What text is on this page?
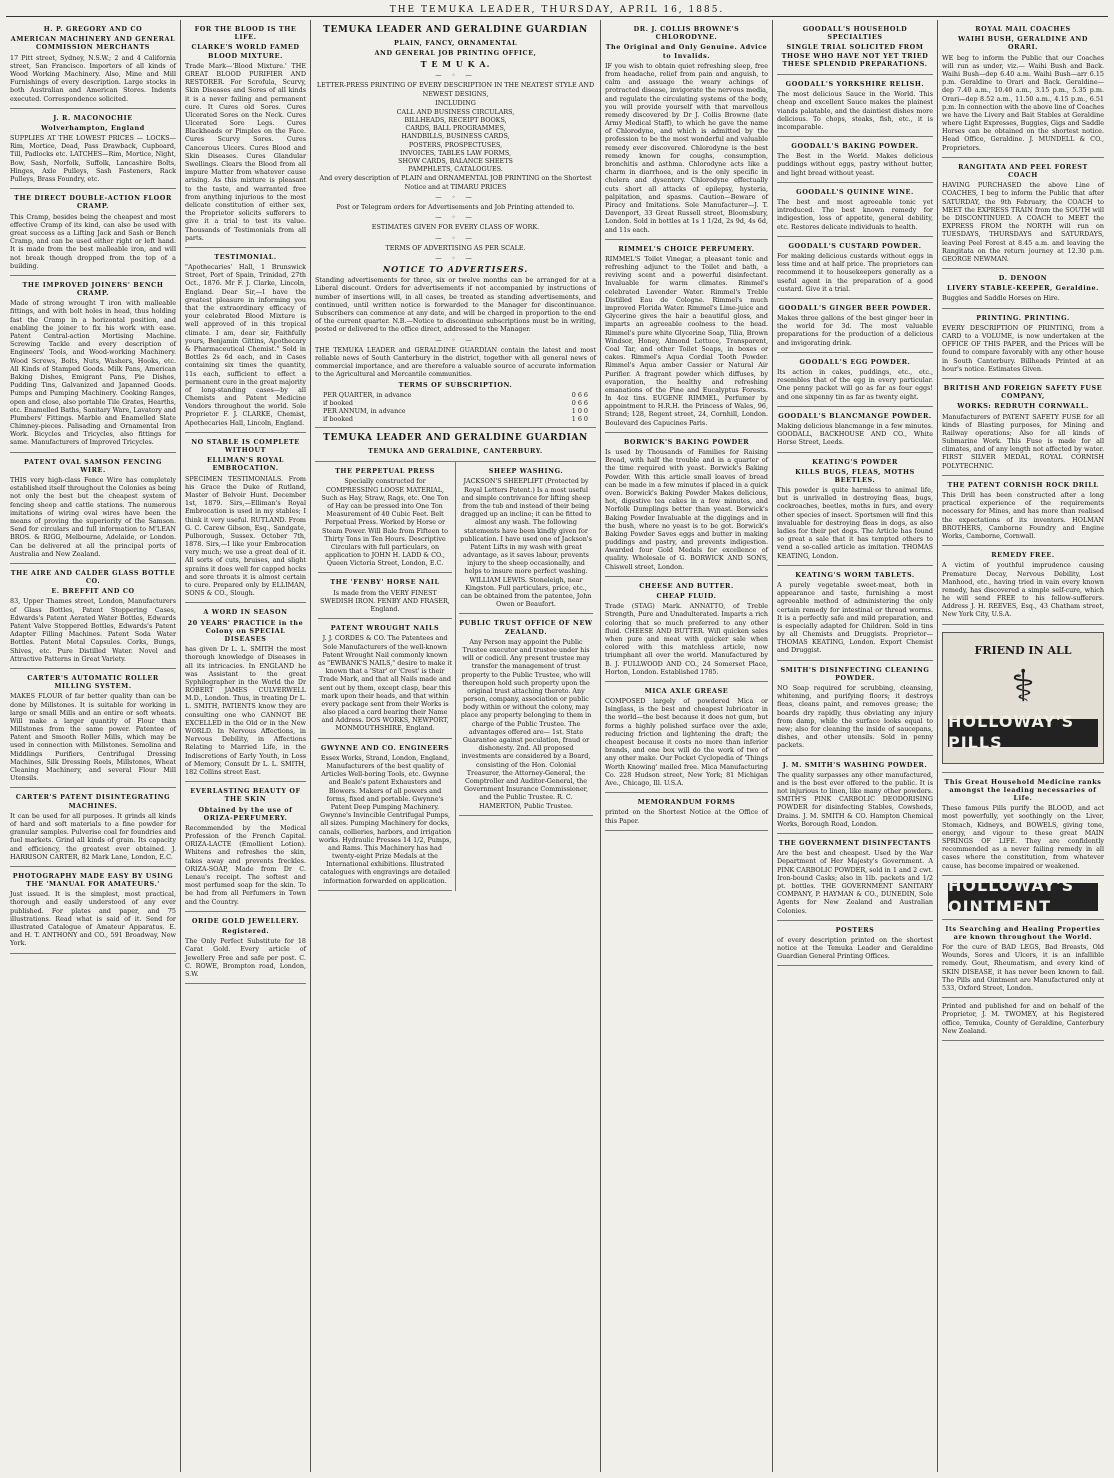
THE TEMUKA LEADER, THURSDAY, APRIL 16, 1885.
H. P. GREGORY AND CO
AMERICAN MACHINERY AND GENERAL COMMISSION MERCHANTS

17 Pitt street, Sydney, N.S.W.; 2 and 4 California street, San Francisco. Importers of all kinds of Wood Working Machinery. Also, Mine and Mill Furnishings of every description. Large stocks in both Australian and American Stores. Indents executed. Correspondence solicited.

J. R. MACONOCHIE
Wolverhampton, England

SUPPLIES AT THE LOWEST PRICES — LOCKS—Rim, Mortice, Dead, Pass Drawback, Cupboard, Till, Padlocks etc. LATCHES—Rim, Mortice, Night, Bow, Sash, Norfolk, Suffolk, Lancashire Bolts, Hinges, Axle Pulleys, Sash Fasteners, Rack Pulleys, Brass Foundry, etc.

THE DIRECT DOUBLE-ACTION FLOOR CRAMP.

This Cramp, besides being the cheapest and most effective Cramp of its kind, can also be used with great success as a Lifting Jack and Sash or Bench Cramp, and can be used either right or left hand. It is made from the best malleable iron, and will not break though dropped from the top of a building.

THE IMPROVED JOINERS' BENCH CRAMP.

Made of strong wrought T iron with malleable fittings, and with bolt holes in head, thus holding fast the Cramp in a horizontal position, and enabling the joiner to fix his work with ease. Patent Central-action Mortising Machine. Screwing Tackle and every description of Engineers' Tools, and Wood-working Machinery. Wood Screws, Bolts, Nuts, Washers, Hooks, etc. All Kinds of Stamped Goods. Milk Pans, American Baking Dishes, Emigrant Pans, Pie Dishes, Pudding Tins, Galvanized and Japanned Goods. Pumps and Pumping Machinery. Cooking Ranges, open and close, also portable Tile Grates, Hearths, etc. Enamelled Baths, Sanitary Ware, Lavatory and Plumbers' Fittings. Marble and Enamelled Slate Chimney-pieces. Palisading and Ornamental Iron Work. Bicycles and Tricycles, also fittings for same. Manufacturers of Improved Tricycles.

PATENT OVAL SAMSON FENCING WIRE.

THIS very high-class Fence Wire has completely established itself throughout the Colonies as being not only the best but the cheapest system of fencing sheep and cattle stations. The numerous imitations of wiring oval wires have been the means of proving the superiority of the Samson. Send for circulars and full information to M'LEAN BROS. & RIGG, Melbourne, Adelaide, or London. Can be delivered at all the principal ports of Australia and New Zealand.

THE AIRE AND CALDER GLASS BOTTLE CO.
E. BREFFIT AND CO

83, Upper Thames street, London, Manufacturers of Glass Bottles, Patent Stoppering Cases, Edwards's Patent Aerated Water Bottles, Edwards Patent Valve Stoppered Bottles, Edwards's Patent Adapter Filling Machines. Patent Soda Water Bottles. Patent Metal Capsules. Corks, Bungs, Shives, etc. Pure Distilled Water. Novel and Attractive Patterns in Great Variety.

CARTER'S AUTOMATIC ROLLER MILLING SYSTEM.

MAKES FLOUR of far better quality than can be done by Millstones. It is suitable for working in large or small Mills and an entire or soft wheats. Will make a larger quantity of Flour than Millstones from the same power. Patentee of Patent and Smooth Roller Mills, which may be used in connection with Millstones. Semolina and Middlings Purifiers, Centrifugal Dressing Machines, Silk Dressing Reels, Millstones, Wheat Cleaning Machinery, and several Flour Mill Utensils.

CARTER'S PATENT DISINTEGRATING MACHINES.

It can be used for all purposes. It grinds all kinds of hard and soft materials to a fine powder for granular samples. Pulverise coal for foundries and fuel markets. Grind all kinds of grain. Its capacity and efficiency, the greatest ever obtained. J. HARRISON CARTER, 82 Mark Lane, London, E.C.

PHOTOGRAPHY MADE EASY BY USING THE 'MANUAL FOR AMATEURS.'

Just issued. It is the simplest, most practical, thorough and easily understood of any ever published. For plates and paper, and 75 illustrations. Read what is said of it. Send for illustrated Catalogue of Amateur Apparatus. E. and H. T. ANTHONY and CO., 591 Broadway, New York.

FOR THE BLOOD IS THE LIFE.
CLARKE'S WORLD FAMED BLOOD MIXTURE.

Trade Mark—'Blood Mixture.' THE GREAT BLOOD PURIFIER AND RESTORER. For Scrofula, Scurvy, Skin Diseases and Sores of all kinds it is a never failing and permanent cure. It Cures old Sores. Cures Ulcerated Sores on the Neck. Cures Ulcerated Sore Legs. Cures Blackheads or Pimples on the Face. Cures Scurvy Sores. Cures Cancerous Ulcers. Cures Blood and Skin Diseases. Cures Glandular Swellings. Clears the Blood from all impure Matter from whatever cause arising. As this mixture is pleasant to the taste, and warranted free from anything injurious to the most delicate constitution of either sex, the Proprietor solicits sufferers to give it a trial to test its value. Thousands of Testimonials from all parts.

TESTIMONIAL.

"Apothecaries' Hall, 1 Brunswick Street, Port of Spain, Trinidad, 27th Oct., 1876. Mr F. J. Clarke, Lincoln, England. Dear Sir,—I have the greatest pleasure in informing you that the extraordinary efficacy of your celebrated Blood Mixture is well approved of in this tropical climate. I am, dear sir, Faithfully yours, Benjamin Gittins, Apothecary & Pharmaceutical Chemist." Sold in Bottles 2s 6d each, and in Cases containing six times the quantity, 11s each, sufficient to effect a permanent cure in the great majority of long-standing cases—by all Chemists and Patent Medicine Vendors throughout the world. Sole Proprietor F. J. CLARKE, Chemist, Apothecaries Hall, Lincoln, England.

NO STABLE IS COMPLETE WITHOUT
ELLIMAN'S ROYAL EMBROCATION.

SPECIMEN TESTIMONIALS. From his Grace the Duke of Rutland, Master of Belvoir Hunt. December 1st, 1879. Sirs,—Elliman's Royal Embrocation is used in my stables; I think it very useful. RUTLAND. From G. C. Carew Gibson, Esq., Sandgate, Pulborough, Sussex. October 7th, 1878. Sirs,—I like your Embrocation very much; we use a great deal of it. All sorts of cuts, bruises, and slight sprains it does well for capped hocks and sore throats it is almost certain to cure. Prepared only by ELLIMAN, SONS & CO., Slough.

A WORD IN SEASON
20 YEARS' PRACTICE in the Colony on SPECIAL DISEASES

has given Dr L. L. SMITH the most thorough knowledge of Diseases in all its intricacies. In ENGLAND he was Assistant to the great Syphilographer in the World the Dr ROBERT JAMES CULVERWELL M.D., London. Thus, in treating Dr L. L. SMITH, PATIENTS know they are consulting one who CANNOT BE EXCELLED in the Old or in the New WORLD. In Nervous Affections, in Nervous Debility, in Affections Relating to Married Life, in the Indiscretions of Early Youth, in Loss of Memory, Consult Dr L. L. SMITH, 182 Collins street East.

EVERLASTING BEAUTY OF THE SKIN
Obtained by the use of ORIZA-PERFUMERY.

Recommended by the Medical Profession of the French Capital. ORIZA-LACTE (Emollient Lotion). Whitens and refreshes the skin, takes away and prevents freckles. ORIZA-SOAP, Made from Dr C. Lenau's receipt. The softest and most perfumed soap for the skin. To be had from all Perfumers in Town and the Country.

ORIDE GOLD JEWELLERY.
Registered.

The Only Perfect Substitute for 18 Carat Gold. Every article of Jewellery Free and safe per post. C. C. ROWE, Brompton road, London, S.W.

TEMUKA LEADER AND GERALDINE GUARDIAN
PLAIN, FANCY, ORNAMENTAL
AND GENERAL JOB PRINTING OFFICE,
T E M U K A.
— ◦ —

LETTER-PRESS PRINTING OF EVERY DESCRIPTION IN THE NEATEST STYLE AND NEWEST DESIGNS,

INCLUDING

CALL AND BUSINESS CIRCULARS,
BILLHEADS, RECEIPT BOOKS,
CARDS, BALL PROGRAMMES,
HANDBILLS, BUSINESS CARDS,
POSTERS, PROSPECTUSES,
INVOICES, TABLES LAW FORMS,
SHOW CARDS, BALANCE SHEETS
PAMPHLETS, CATALOGUES.

And every description of PLAIN and ORNAMENTAL JOB PRINTING on the Shortest Notice and at TIMARU PRICES

— ◦ —

Post or Telegram orders for Advertisements and Job Printing attended to.

— ◦ —

ESTIMATES GIVEN FOR EVERY CLASS OF WORK.

— ◦ —

TERMS OF ADVERTISING AS PER SCALE.

— ◦ —
NOTICE TO ADVERTISERS.

Standing advertisements for three, six or twelve months can be arranged for at a Liberal discount. Orders for advertisements if not accompanied by instructions of number of insertions will, in all cases, be treated as standing advertisements, and continued, until written notice is forwarded to the Manager for discontinuance. Subscribers can commence at any date, and will be charged in proportion to the end of the current quarter. N.B.—Notice to discontinue subscriptions must be in writing, posted or delivered to the office direct, addressed to the Manager.

— ◦ —

THE TEMUKA LEADER and GERALDINE GUARDIAN contain the latest and most reliable news of South Canterbury in the district, together with all general news of commercial importance, and are therefore a valuable source of accurate information to the Agricultural and Mercantile communities.

TERMS OF SUBSCRIPTION.
PER QUARTER, in advance	0 6 6
if booked	0 6 6
PER ANNUM, in advance	1 0 0
if booked	1 6 0
TEMUKA LEADER AND GERALDINE GUARDIAN
TEMUKA AND GERALDINE, CANTERBURY.
THE PERPETUAL PRESS

Specially constructed for COMPRESSING LOOSE MATERIAL, Such as Hay, Straw, Rags, etc. One Ton of Hay can be pressed into One Ton Measurement of 40 Cubic Feet. Belt Perpetual Press. Worked by Horse or Steam Power. Will Bale from Fifteen to Thirty Tons in Ten Hours. Descriptive Circulars with full particulars, on application to JOHN H. LADD & CO., Queen Victoria Street, London, E.C.

THE 'FENBY' HORSE NAIL

Is made from the VERY FINEST SWEDISH IRON. FENBY AND FRASER, England.

PATENT WROUGHT NAILS

J. J. CORDES & CO. The Patentees and Sole Manufacturers of the well-known Patent Wrought Nail commonly known as "EWBANK'S NAILS," desire to make it known that a 'Star' or 'Crest' is their Trade Mark, and that all Nails made and sent out by them, except clasp, bear this mark upon their heads, and that within every package sent from their Works is also placed a card bearing their Name and Address. DOS WORKS, NEWPORT, MONMOUTHSHIRE, England.

GWYNNE AND CO. ENGINEERS

Essex Works, Strand, London, England, Manufacturers of the best quality of Articles Well-boring Tools, etc. Gwynne and Beale's patent Exhausters and Blowers. Makers of all powers and forms, fixed and portable. Gwynne's Patent Deep Pumping Machinery. Gwynne's Invincible Centrifugal Pumps, all sizes. Pumping Machinery for docks, canals, collieries, harbors, and irrigation works. Hydraulic Presses 14 1/2, Pumps, and Rams. This Machinery has had twenty-eight Prize Medals at the International exhibitions. Illustrated catalogues with engravings are detailed information forwarded on application.

SHEEP WASHING.

JACKSON'S SHEEPLIFT (Protected by Royal Letters Patent.) Is a most useful and simple contrivance for lifting sheep from the tub and instead of their being dragged up an incline; it can be fitted to almost any wash. The following statements have been kindly given for publication. I have used one of Jackson's Patent Lifts in my wash with great advantage, as it saves labour, prevents injury to the sheep occasionally, and helps to insure more perfect washing. WILLIAM LEWIS. Stoneleigh, near Kingston. Full particulars, price, etc., can be obtained from the patentee, John Owen or Beaufort.

PUBLIC TRUST OFFICE OF NEW ZEALAND.

Any Person may appoint the Public Trustee executor and trustee under his will or codicil. Any present trustee may transfer the management of trust property to the Public Trustee, who will thereupon hold such property upon the original trust attaching thereto. Any person, company, association or public body within or without the colony, may place any property belonging to them in charge of the Public Trustee. The advantages offered are— 1st. State Guarantee against peculation, fraud or dishonesty. 2nd. All proposed investments are considered by a Board, consisting of the Hon. Colonial Treasurer, the Attorney-General, the Comptroller and Auditor-General, the Government Insurance Commissioner, and the Public Trustee. R. C. HAMERTON, Public Trustee.

DR. J. COLLIS BROWNE'S CHLORODYNE.
The Original and Only Genuine. Advice to Invalids.

IF you wish to obtain quiet refreshing sleep, free from headache, relief from pain and anguish, to calm and assuage the weary achings of protracted disease, invigorate the nervous media, and regulate the circulating systems of the body, you will provide yourself with that marvellous remedy discovered by Dr J. Collis Browne (late Army Medical Staff), to which he gave the name of Chlorodyne, and which is admitted by the profession to be the most wonderful and valuable remedy ever discovered. Chlorodyne is the best remedy known for coughs, consumption, bronchitis and asthma. Chlorodyne acts like a charm in diarrhoea, and is the only specific in cholera and dysentery. Chlorodyne effectually cuts short all attacks of epilepsy, hysteria, palpitation, and spasms. Caution—Beware of Piracy and Imitations. Sole Manufacturer—J. T. Davenport, 33 Great Russell street, Bloomsbury, London. Sold in bottles at 1s 1 1/2d, 2s 9d, 4s 6d, and 11s each.

RIMMEL'S CHOICE PERFUMERY.

RIMMEL'S Toilet Vinegar, a pleasant tonic and refreshing adjunct to the Toilet and bath, a reviving scent and a powerful disinfectant. Invaluable for warm climates. Rimmel's celebrated Lavender Water. Rimmel's Treble Distilled Eau de Cologne. Rimmel's much improved Florida Water. Rimmel's Lime-juice and Glycerine gives the hair a beautiful gloss, and imparts an agreeable coolness to the head. Rimmel's pure white Glycerine Soap, Tilia, Brown Windsor, Honey, Almond Lettuce, Transparent, Coal Tar, and other Toilet Soaps, in boxes or cakes. Rimmel's Aqua Cordial Tooth Powder. Rimmel's Aqua amber Cassier or Natural Air Purifier. A fragrant powder which diffuses, by evaporation, the healthy and refreshing emanations of the Pine and Eucalyptus Forests. In 4oz tins. EUGENE RIMMEL, Perfumer by appointment to H.R.H. the Princess of Wales, 96, Strand; 128, Regent street, 24, Cornhill, London. Boulevard des Capucines Paris.

BORWICK'S BAKING POWDER

Is used by Thousands of Families for Raising Bread, with half the trouble and in a quarter of the time required with yeast. Borwick's Baking Powder. With this article small loaves of bread can be made in a few minutes if placed in a quick oven. Borwick's Baking Powder Makes delicious, hot, digestive tea cakes in a few minutes, and Norfolk Dumplings better than yeast. Borwick's Baking Powder Invaluable at the diggings and in the bush, where no yeast is to be got. Borwick's Baking Powder Saves eggs and butter in making puddings and pastry, and prevents indigestion. Awarded four Gold Medals for excellence of quality. Wholesale of G. BORWICK AND SONS, Chiswell street, London.

CHEESE AND BUTTER.
CHEAP FLUID.

Trade (STAG) Mark. ANNATTO, of Treble Strength, Pure and Unadulterated. Imparts a rich coloring that so much preferred to any other fluid. CHEESE AND BUTTER. Will quicken sales when pure and meat with quicker sale when colored with this matchless article, now triumphant all over the world. Manufactured by B. J. FULLWOOD AND CO., 24 Somerset Place, Horton, London. Established 1785.

MICA AXLE GREASE

COMPOSED largely of powdered Mica or Isinglass, is the best and cheapest lubricator in the world—the best because it does not gum, but forms a highly polished surface over the axle, reducing friction and lightening the draft; the cheapest because it costs no more than inferior brands, and one box will do the work of two of any other make. Our Pocket Cyclopedia of 'Things Worth Knowing' mailed free. Mica Manufacturing Co. 228 Hudson street, New York; 81 Michigan Ave., Chicago, Ill. U.S.A.

MEMORANDUM FORMS

printed on the Shortest Notice at the Office of this Paper.

GOODALL'S HOUSEHOLD SPECIALTIES
SINGLE TRIAL SOLICITED FROM THOSE WHO HAVE NOT YET TRIED THESE SPLENDID PREPARATIONS.
GOODALL'S YORKSHIRE RELISH.

The most delicious Sauce in the World. This cheap and excellent Sauce makes the plainest viands palatable, and the daintiest dishes more delicious. To chops, steaks, fish, etc., it is incomparable.

GOODALL'S BAKING POWDER.

The Best in the World. Makes delicious puddings without eggs, pastry without butter, and light bread without yeast.

GOODALL'S QUININE WINE.

The best and most agreeable tonic yet introduced. The best known remedy for indigestion, loss of appetite, general debility, etc. Restores delicate individuals to health.

GOODALL'S CUSTARD POWDER.

For making delicious custards without eggs in less time and at half price. The proprietors can recommend it to housekeepers generally as a useful agent in the preparation of a good custard. Give it a trial.

GOODALL'S GINGER BEER POWDER.

Makes three gallons of the best ginger beer in the world for 3d. The most valuable preparations for the production of a delicious and invigorating drink.

GOODALL'S EGG POWDER.

Its action in cakes, puddings, etc., etc., resembles that of the egg in every particular. One penny packet will go as far as four eggs! and one sixpenny tin as far as twenty eight.

GOODALL'S BLANCMANGE POWDER.

Making delicious blancmange in a few minutes. GOODALL, BACKHOUSE AND CO., White Horse Street, Leeds.

KEATING'S POWDER
KILLS BUGS, FLEAS, MOTHS BEETLES.

This powder is quite harmless to animal life, but is unrivalled in destroying fleas, bugs, cockroaches, beetles, moths in furs, and every other species of insect. Sportsmen will find this invaluable for destroying fleas in dogs, as also ladies for their pet dogs. The Article has found so great a sale that it has tempted others to vend a so-called article as imitation. THOMAS KEATING, London.

KEATING'S WORM TABLETS.

A purely vegetable sweet-meat, both in appearance and taste, furnishing a most agreeable method of administering the only certain remedy for intestinal or thread worms. It is a perfectly safe and mild preparation, and is especially adapted for Children. Sold in tins by all Chemists and Druggists. Proprietor—THOMAS KEATING, London. Export Chemist and Druggist.

SMITH'S DISINFECTING CLEANING POWDER.

NO Soap required for scrubbing, cleansing, whitening, and purifying floors; it destroys fleas, cleans paint, and removes grease; the boards dry rapidly, thus obviating any injury from damp, while the surface looks equal to new; also for cleaning the inside of saucepans, dishes, and other utensils. Sold in penny packets.

J. M. SMITH'S WASHING POWDER.

The quality surpasses any other manufactured, and is the best ever offered to the public. It is not injurious to linen, like many other powders. SMITH'S PINK CARBOLIC DEODORISING POWDER for disinfecting Stables, Cowsheds, Drains. J. M. SMITH & CO. Hampton Chemical Works, Borough Road, London.

THE GOVERNMENT DISINFECTANTS

Are the best and cheapest. Used by the War Department of Her Majesty's Government. A PINK CARBOLIC POWDER, sold in 1 and 2 cwt. Iron-bound Casks; also in 1lb. packets and 1/2 pt. bottles. THE GOVERNMENT SANITARY COMPANY, P. HAYMAN & CO., DUNEDIN, Sole Agents for New Zealand and Australian Colonies.

POSTERS

of every description printed on the shortest notice at the Temuka Leader and Geraldine Guardian General Printing Offices.

ROYAL MAIL COACHES
WAIHI BUSH, GERALDINE AND ORARI.

WE beg to inform the Public that our Coaches will run as under, viz.— Waihi Bush and Back. Waihi Bush—dep 6.40 a.m. Waihi Bush—arr 6.15 p.m. Geraldine to Orari and Back. Geraldine—dep 7.40 a.m., 10.40 a.m., 3.15 p.m., 5.35 p.m. Orari—dep 8.52 a.m., 11.50 a.m., 4.15 p.m., 6.51 p.m. In connection with the above line of Coaches we have the Livery and Bait Stables at Geraldine where Light Expresses, Buggies, Gigs and Saddle Horses can be obtained on the shortest notice. Head Office, Geraldine. J. MUNDELL & CO., Proprietors.

RANGITATA AND PEEL FOREST COACH

HAVING PURCHASED the above Line of COACHES, I beg to inform the Public that after SATURDAY, the 9th February, the COACH to MEET the EXPRESS TRAIN from the SOUTH will be DISCONTINUED. A COACH to MEET the EXPRESS FROM the NORTH will run on TUESDAYS, THURSDAYS and SATURDAYS, leaving Peel Forest at 8.45 a.m. and leaving the Rangitata on the return journey at 12.30 p.m. GEORGE NEWMAN.

D. DENOON
LIVERY STABLE-KEEPER, Geraldine.

Buggies and Saddle Horses on Hire.

PRINTING. PRINTING.

EVERY DESCRIPTION OF PRINTING, from a CARD to a VOLUME, is now undertaken at the OFFICE OF THIS PAPER, and the Prices will be found to compare favorably with any other house in South Canterbury. Billheads Printed at an hour's notice. Estimates Given.

BRITISH AND FOREIGN SAFETY FUSE COMPANY,
WORKS: REDRUTH CORNWALL.

Manufacturers of PATENT SAFETY FUSE for all kinds of Blasting purposes, for Mining and Railway operations; Also for all kinds of Submarine Work. This Fuse is made for all climates, and of any length not affected by water. FIRST SILVER MEDAL, ROYAL CORNISH POLYTECHNIC.

THE PATENT CORNISH ROCK DRILL

This Drill has been constructed after a long practical experience of the requirements necessary for Mines, and has more than realised the expectations of its inventors. HOLMAN BROTHERS, Camborne Foundry and Engine Works, Camborne, Cornwall.

REMEDY FREE.

A victim of youthful imprudence causing Premature Decay, Nervous Debility, Lost Manhood, etc., having tried in vain every known remedy, has discovered a simple self-cure, which he will send FREE to his fellow-sufferers. Address J. H. REEVES, Esq., 43 Chatham street, New York City, U.S.A.

FRIEND IN ALL
⚕
HOLLOWAY'S PILLS
This Great Household Medicine ranks amongst the leading necessaries of Life.

These famous Pills purify the BLOOD, and act most powerfully, yet soothingly on the Liver, Stomach, Kidneys, and BOWELS, giving tone, energy, and vigour to these great MAIN SPRINGS OF LIFE. They are confidently recommended as a never failing remedy in all cases where the constitution, from whatever cause, has become impaired or weakened.

HOLLOWAY'S OINTMENT
Its Searching and Healing Properties are known throughout the World.

For the cure of BAD LEGS, Bad Breasts, Old Wounds, Sores and Ulcers, it is an infallible remedy. Gout, Rheumatism, and every kind of SKIN DISEASE, it has never been known to fail. The Pills and Ointment are Manufactured only at 533, Oxford Street, London.

Printed and published for and on behalf of the Proprietor, J. M. TWOMEY, at his Registered office, Temuka, County of Geraldine, Canterbury New Zealand.
